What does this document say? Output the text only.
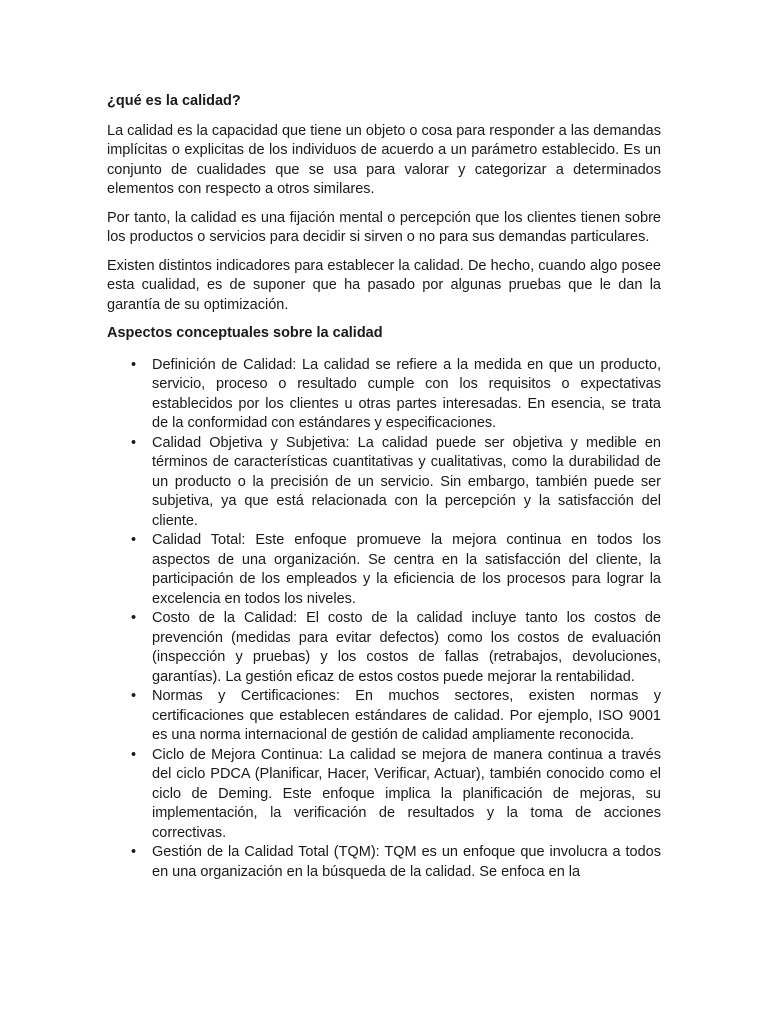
¿qué es la calidad?

La calidad es la capacidad que tiene un objeto o cosa para responder a las demandas implícitas o explicitas de los individuos de acuerdo a un parámetro establecido. Es un conjunto de cualidades que se usa para valorar y categorizar a determinados elementos con respecto a otros similares.

Por tanto, la calidad es una fijación mental o percepción que los clientes tienen sobre los productos o servicios para decidir si sirven o no para sus demandas particulares.

Existen distintos indicadores para establecer la calidad. De hecho, cuando algo posee esta cualidad, es de suponer que ha pasado por algunas pruebas que le dan la garantía de su optimización.

Aspectos conceptuales sobre la calidad
• Definición de Calidad: La calidad se refiere a la medida en que un producto, servicio, proceso o resultado cumple con los requisitos o expectativas establecidos por los clientes u otras partes interesadas. En esencia, se trata de la conformidad con estándares y especificaciones.
• Calidad Objetiva y Subjetiva: La calidad puede ser objetiva y medible en términos de características cuantitativas y cualitativas, como la durabilidad de un producto o la precisión de un servicio. Sin embargo, también puede ser subjetiva, ya que está relacionada con la percepción y la satisfacción del cliente.
• Calidad Total: Este enfoque promueve la mejora continua en todos los aspectos de una organización. Se centra en la satisfacción del cliente, la participación de los empleados y la eficiencia de los procesos para lograr la excelencia en todos los niveles.
• Costo de la Calidad: El costo de la calidad incluye tanto los costos de prevención (medidas para evitar defectos) como los costos de evaluación (inspección y pruebas) y los costos de fallas (retrabajos, devoluciones, garantías). La gestión eficaz de estos costos puede mejorar la rentabilidad.
• Normas y Certificaciones: En muchos sectores, existen normas y certificaciones que establecen estándares de calidad. Por ejemplo, ISO 9001 es una norma internacional de gestión de calidad ampliamente reconocida.
• Ciclo de Mejora Continua: La calidad se mejora de manera continua a través del ciclo PDCA (Planificar, Hacer, Verificar, Actuar), también conocido como el ciclo de Deming. Este enfoque implica la planificación de mejoras, su implementación, la verificación de resultados y la toma de acciones correctivas.
• Gestión de la Calidad Total (TQM): TQM es un enfoque que involucra a todos en una organización en la búsqueda de la calidad. Se enfoca en la
